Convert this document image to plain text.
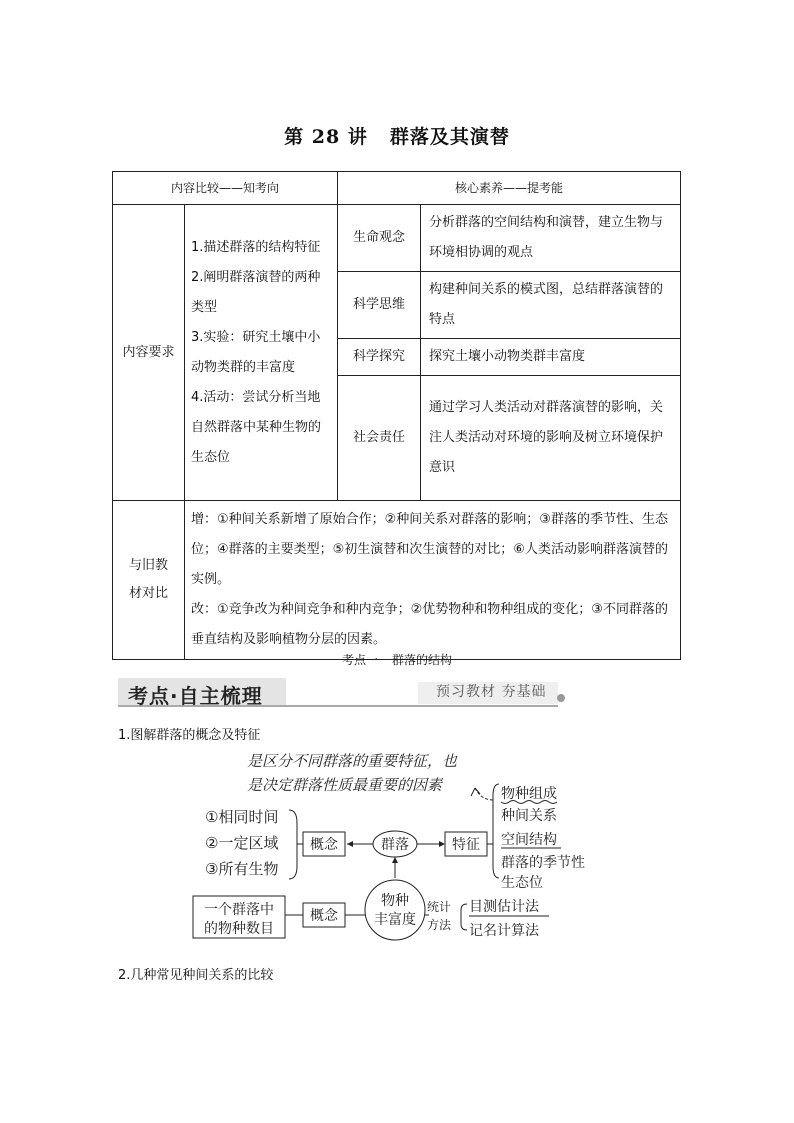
第 28 讲 群落及其演替
内容比较——知考向		核心素养——提考能	
内容要求	1.描述群落的结构特征
2.阐明群落演替的两种类型
3.实验：研究土壤中小动物类群的丰富度
4.活动：尝试分析当地自然群落中某种生物的生态位	生命观念	分析群落的空间结构和演替，建立生物与环境相协调的观点
		科学思维	构建种间关系的模式图，总结群落演替的特点
		科学探究	探究土壤小动物类群丰富度
		社会责任	通过学习人类活动对群落演替的影响，关注人类活动对环境的影响及树立环境保护意识

与旧教材对比	增：①种间关系新增了原始合作；②种间关系对群落的影响；③群落的季节性、生态位；④群落的主要类型；⑤初生演替和次生演替的对比；⑥人类活动影响群落演替的实例。
改：①竞争改为种间竞争和种内竞争；②优势物种和物种组成的变化；③不同群落的垂直结构及影响植物分层的因素。		
考点一 群落的结构
考点·自主梳理	预习教材 夯基础
1.图解群落的概念及特征
是区分不同群落的重要特征，也
是决定群落性质最重要的因素
①相同时间
②一定区域
③所有生物
概念	群落	特征
物种组成
种间关系
空间结构
群落的季节性
生态位
物种
丰富度
概念
一个群落中
的物种数目
统计
方法
目测估计法
记名计算法
2.几种常见种间关系的比较
